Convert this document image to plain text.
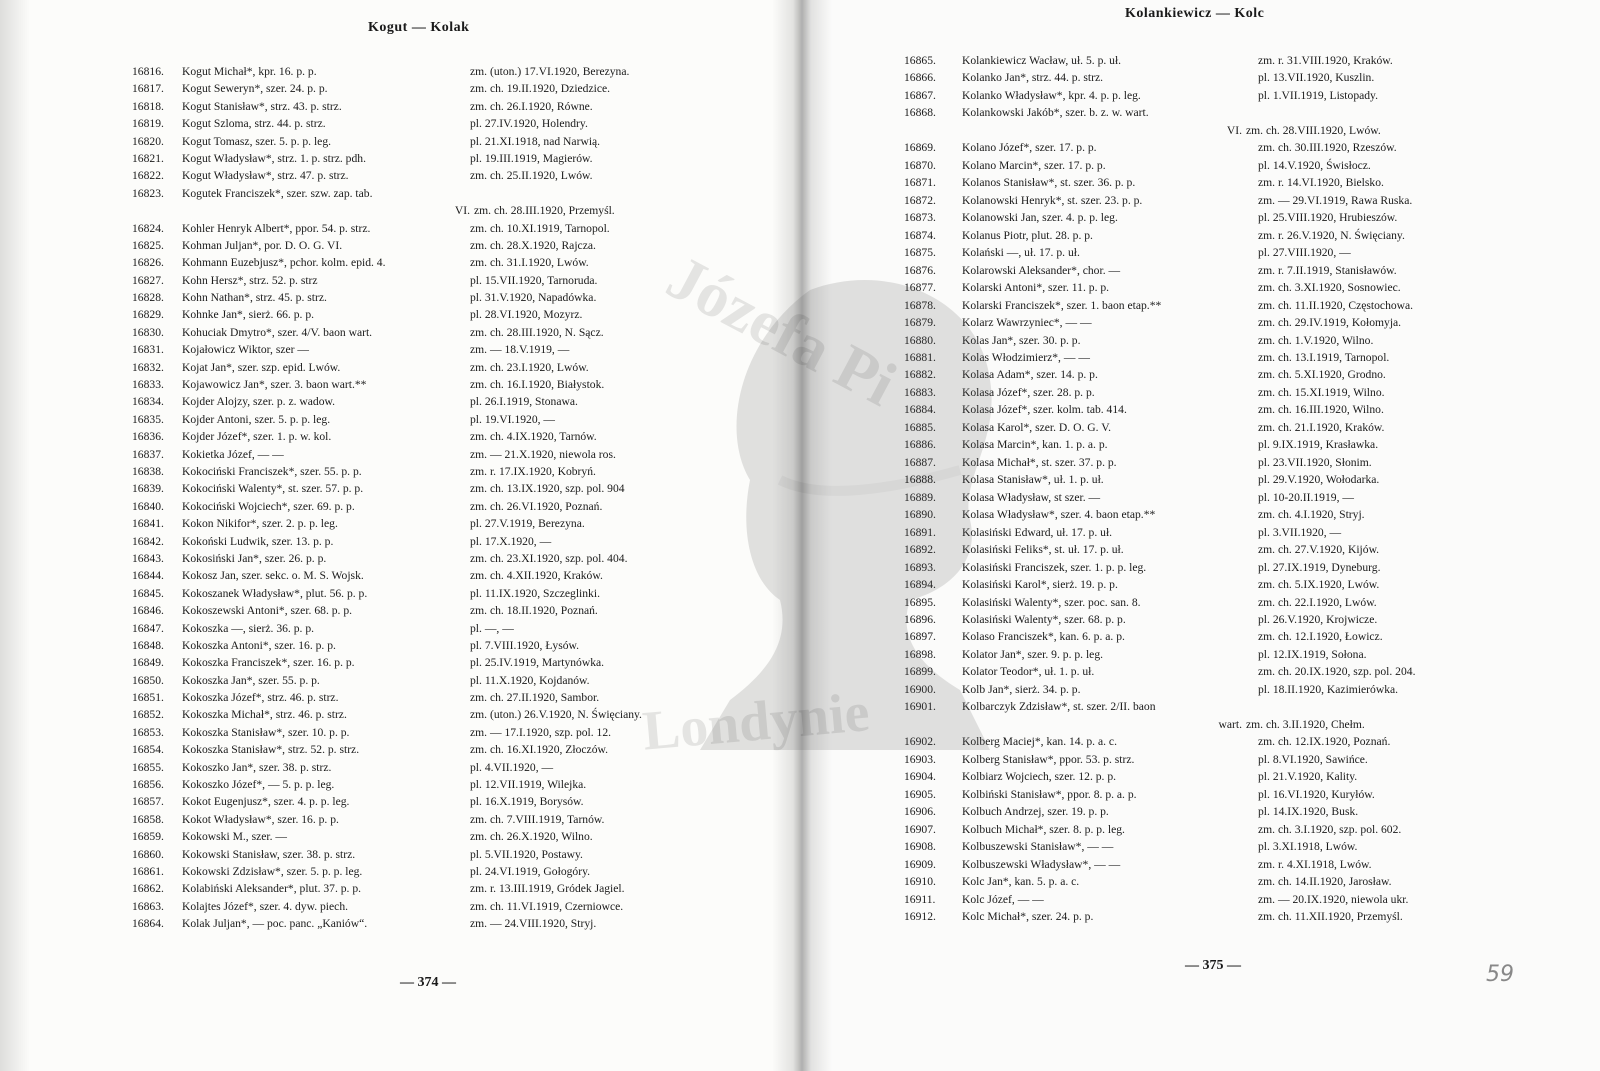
Kogut — Kolak
16816.	Kogut Michał*, kpr. 16. p. p.	zm. (uton.) 17.VI.1920, Berezyna.
16817.	Kogut Seweryn*, szer. 24. p. p.	zm. ch. 19.II.1920, Dziedzice.
16818.	Kogut Stanisław*, strz. 43. p. strz.	zm. ch. 26.I.1920, Równe.
16819.	Kogut Szloma, strz. 44. p. strz.	pl. 27.IV.1920, Holendry.
16820.	Kogut Tomasz, szer. 5. p. p. leg.	pl. 21.XI.1918, nad Narwią.
16821.	Kogut Władysław*, strz. 1. p. strz. pdh.	pl. 19.III.1919, Magierów.
16822.	Kogut Władysław*, strz. 47. p. strz.	zm. ch. 25.II.1920, Lwów.
16823.	Kogutek Franciszek*, szer. szw. zap. tab.
VI. zm. ch. 28.III.1920, Przemyśl.
16824.	Kohler Henryk Albert*, ppor. 54. p. strz.	zm. ch. 10.XI.1919, Tarnopol.
16825.	Kohman Juljan*, por. D. O. G. VI.	zm. ch. 28.X.1920, Rajcza.
16826.	Kohmann Euzebjusz*, pchor. kolm. epid. 4.	zm. ch. 31.I.1920, Lwów.
16827.	Kohn Hersz*, strz. 52. p. strz	pl. 15.VII.1920, Tarnoruda.
16828.	Kohn Nathan*, strz. 45. p. strz.	pl. 31.V.1920, Napadówka.
16829.	Kohnke Jan*, sierż. 66. p. p.	pl. 28.VI.1920, Mozyrz.
16830.	Kohuciak Dmytro*, szer. 4/V. baon wart.	zm. ch. 28.III.1920, N. Sącz.
16831.	Kojałowicz Wiktor, szer —	zm. — 18.V.1919, —
16832.	Kojat Jan*, szer. szp. epid. Lwów.	zm. ch. 23.I.1920, Lwów.
16833.	Kojawowicz Jan*, szer. 3. baon wart.**	zm. ch. 16.I.1920, Białystok.
16834.	Kojder Alojzy, szer. p. z. wadow.	pl. 26.I.1919, Stonawa.
16835.	Kojder Antoni, szer. 5. p. p. leg.	pl. 19.VI.1920, —
16836.	Kojder Józef*, szer. 1. p. w. kol.	zm. ch. 4.IX.1920, Tarnów.
16837.	Kokietka Józef, — —	zm. — 21.X.1920, niewola ros.
16838.	Kokociński Franciszek*, szer. 55. p. p.	zm. r. 17.IX.1920, Kobryń.
16839.	Kokociński Walenty*, st. szer. 57. p. p.	zm. ch. 13.IX.1920, szp. pol. 904
16840.	Kokociński Wojciech*, szer. 69. p. p.	zm. ch. 26.VI.1920, Poznań.
16841.	Kokon Nikifor*, szer. 2. p. p. leg.	pl. 27.V.1919, Berezyna.
16842.	Kokoński Ludwik, szer. 13. p. p.	pl. 17.X.1920, —
16843.	Kokosiński Jan*, szer. 26. p. p.	zm. ch. 23.XI.1920, szp. pol. 404.
16844.	Kokosz Jan, szer. sekc. o. M. S. Wojsk.	zm. ch. 4.XII.1920, Kraków.
16845.	Kokoszanek Władysław*, plut. 56. p. p.	pl. 11.IX.1920, Szczeglinki.
16846.	Kokoszewski Antoni*, szer. 68. p. p.	zm. ch. 18.II.1920, Poznań.
16847.	Kokoszka —, sierż. 36. p. p.	pl. —, —
16848.	Kokoszka Antoni*, szer. 16. p. p.	pl. 7.VIII.1920, Łysów.
16849.	Kokoszka Franciszek*, szer. 16. p. p.	pl. 25.IV.1919, Martynówka.
16850.	Kokoszka Jan*, szer. 55. p. p.	pl. 11.X.1920, Kojdanów.
16851.	Kokoszka Józef*, strz. 46. p. strz.	zm. ch. 27.II.1920, Sambor.
16852.	Kokoszka Michał*, strz. 46. p. strz.	zm. (uton.) 26.V.1920, N. Święciany.
16853.	Kokoszka Stanisław*, szer. 10. p. p.	zm. — 17.I.1920, szp. pol. 12.
16854.	Kokoszka Stanisław*, strz. 52. p. strz.	zm. ch. 16.XI.1920, Złoczów.
16855.	Kokoszko Jan*, szer. 38. p. strz.	pl. 4.VII.1920, —
16856.	Kokoszko Józef*, — 5. p. p. leg.	pl. 12.VII.1919, Wilejka.
16857.	Kokot Eugenjusz*, szer. 4. p. p. leg.	pl. 16.X.1919, Borysów.
16858.	Kokot Władysław*, szer. 16. p. p.	zm. ch. 7.VIII.1919, Tarnów.
16859.	Kokowski M., szer. —	zm. ch. 26.X.1920, Wilno.
16860.	Kokowski Stanisław, szer. 38. p. strz.	pl. 5.VII.1920, Postawy.
16861.	Kokowski Zdzisław*, szer. 5. p. p. leg.	pl. 24.VI.1919, Gołogóry.
16862.	Kolabiński Aleksander*, plut. 37. p. p.	zm. r. 13.III.1919, Gródek Jagiel.
16863.	Kolajtes Józef*, szer. 4. dyw. piech.	zm. ch. 11.VI.1919, Czerniowce.
16864.	Kolak Juljan*, — poc. panc. „Kaniów“.	zm. — 24.VIII.1920, Stryj.
— 374 —
Kolankiewicz — Kolc
16865.	Kolankiewicz Wacław, uł. 5. p. uł.	zm. r. 31.VIII.1920, Kraków.
16866.	Kolanko Jan*, strz. 44. p. strz.	pl. 13.VII.1920, Kuszlin.
16867.	Kolanko Władysław*, kpr. 4. p. p. leg.	pl. 1.VII.1919, Listopady.
16868.	Kolankowski Jakób*, szer. b. z. w. wart.
VI. zm. ch. 28.VIII.1920, Lwów.
16869.	Kolano Józef*, szer. 17. p. p.	zm. ch. 30.III.1920, Rzeszów.
16870.	Kolano Marcin*, szer. 17. p. p.	pl. 14.V.1920, Świsłocz.
16871.	Kolanos Stanisław*, st. szer. 36. p. p.	zm. r. 14.VI.1920, Bielsko.
16872.	Kolanowski Henryk*, st. szer. 23. p. p.	zm. — 29.VI.1919, Rawa Ruska.
16873.	Kolanowski Jan, szer. 4. p. p. leg.	pl. 25.VIII.1920, Hrubieszów.
16874.	Kolanus Piotr, plut. 28. p. p.	zm. r. 26.V.1920, N. Święciany.
16875.	Kolański —, uł. 17. p. uł.	pl. 27.VIII.1920, —
16876.	Kolarowski Aleksander*, chor. —	zm. r. 7.II.1919, Stanisławów.
16877.	Kolarski Antoni*, szer. 11. p. p.	zm. ch. 3.XI.1920, Sosnowiec.
16878.	Kolarski Franciszek*, szer. 1. baon etap.**	zm. ch. 11.II.1920, Częstochowa.
16879.	Kolarz Wawrzyniec*, — —	zm. ch. 29.IV.1919, Kołomyja.
16880.	Kolas Jan*, szer. 30. p. p.	zm. ch. 1.V.1920, Wilno.
16881.	Kolas Włodzimierz*, — —	zm. ch. 13.I.1919, Tarnopol.
16882.	Kolasa Adam*, szer. 14. p. p.	zm. ch. 5.XI.1920, Grodno.
16883.	Kolasa Józef*, szer. 28. p. p.	zm. ch. 15.XI.1919, Wilno.
16884.	Kolasa Józef*, szer. kolm. tab. 414.	zm. ch. 16.III.1920, Wilno.
16885.	Kolasa Karol*, szer. D. O. G. V.	zm. ch. 21.I.1920, Kraków.
16886.	Kolasa Marcin*, kan. 1. p. a. p.	pl. 9.IX.1919, Krasławka.
16887.	Kolasa Michał*, st. szer. 37. p. p.	pl. 23.VII.1920, Słonim.
16888.	Kolasa Stanisław*, uł. 1. p. uł.	pl. 29.V.1920, Wołodarka.
16889.	Kolasa Władysław, st szer. —	pl. 10-20.II.1919, —
16890.	Kolasa Władysław*, szer. 4. baon etap.**	zm. ch. 4.I.1920, Stryj.
16891.	Kolasiński Edward, uł. 17. p. uł.	pl. 3.VII.1920, —
16892.	Kolasiński Feliks*, st. uł. 17. p. uł.	zm. ch. 27.V.1920, Kijów.
16893.	Kolasiński Franciszek, szer. 1. p. p. leg.	pl. 27.IX.1919, Dyneburg.
16894.	Kolasiński Karol*, sierż. 19. p. p.	zm. ch. 5.IX.1920, Lwów.
16895.	Kolasiński Walenty*, szer. poc. san. 8.	zm. ch. 22.I.1920, Lwów.
16896.	Kolasiński Walenty*, szer. 68. p. p.	pl. 26.V.1920, Krojwicze.
16897.	Kolaso Franciszek*, kan. 6. p. a. p.	zm. ch. 12.I.1920, Łowicz.
16898.	Kolator Jan*, szer. 9. p. p. leg.	pl. 12.IX.1919, Sołona.
16899.	Kolator Teodor*, uł. 1. p. uł.	zm. ch. 20.IX.1920, szp. pol. 204.
16900.	Kolb Jan*, sierż. 34. p. p.	pl. 18.II.1920, Kazimierówka.
16901.	Kolbarczyk Zdzisław*, st. szer. 2/II. baon
wart. zm. ch. 3.II.1920, Chełm.
16902.	Kolberg Maciej*, kan. 14. p. a. c.	zm. ch. 12.IX.1920, Poznań.
16903.	Kolberg Stanisław*, ppor. 53. p. strz.	pl. 8.VI.1920, Sawińce.
16904.	Kolbiarz Wojciech, szer. 12. p. p.	pl. 21.V.1920, Kality.
16905.	Kolbiński Stanisław*, ppor. 8. p. a. p.	pl. 16.VI.1920, Kuryłów.
16906.	Kolbuch Andrzej, szer. 19. p. p.	pl. 14.IX.1920, Busk.
16907.	Kolbuch Michał*, szer. 8. p. p. leg.	zm. ch. 3.I.1920, szp. pol. 602.
16908.	Kolbuszewski Stanisław*, — —	pl. 3.XI.1918, Lwów.
16909.	Kolbuszewski Władysław*, — —	zm. r. 4.XI.1918, Lwów.
16910.	Kolc Jan*, kan. 5. p. a. c.	zm. ch. 14.II.1920, Jarosław.
16911.	Kolc Józef, — —	zm. — 20.IX.1920, niewola ukr.
16912.	Kolc Michał*, szer. 24. p. p.	zm. ch. 11.XII.1920, Przemyśl.
— 375 —	59
